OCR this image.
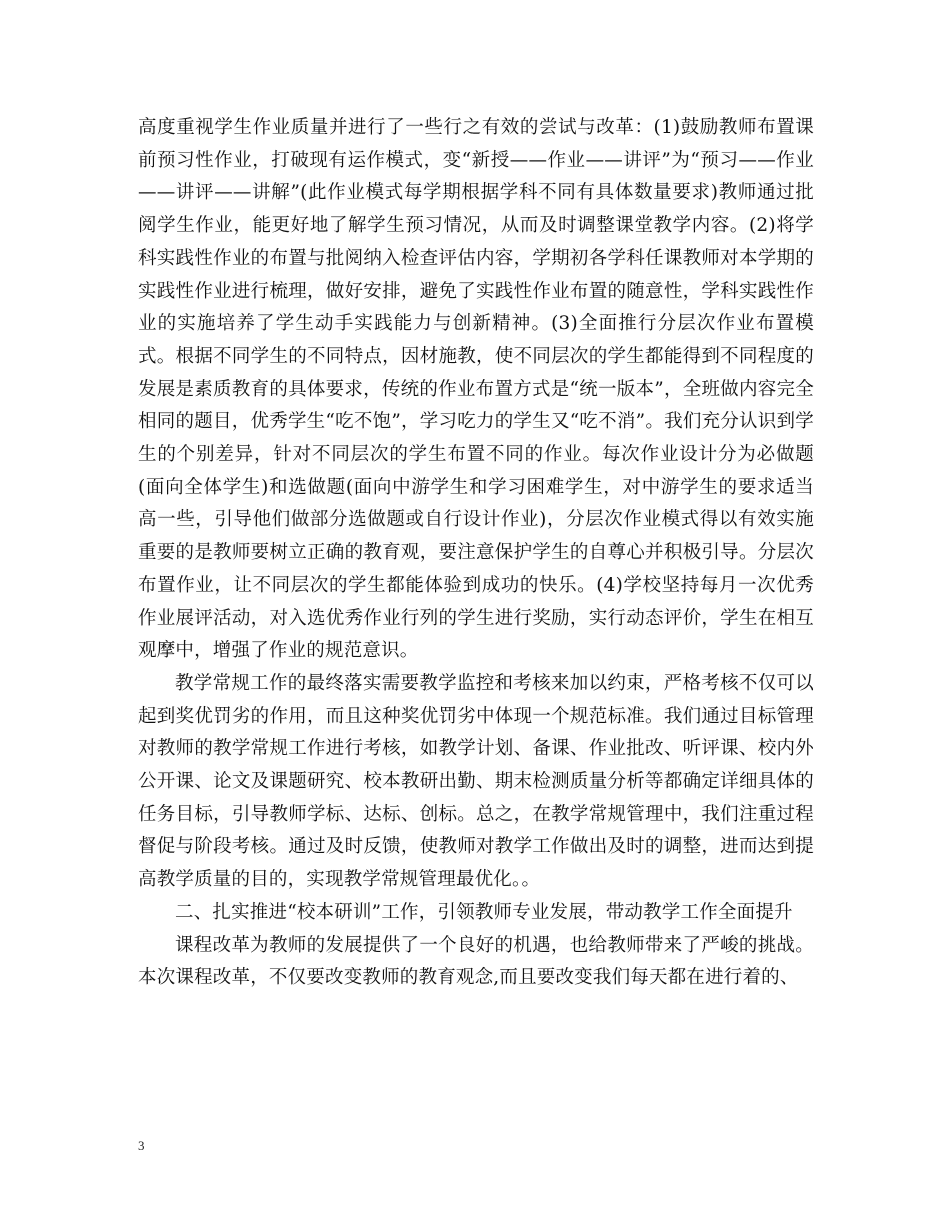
高度重视学生作业质量并进行了一些行之有效的尝试与改革：(1)鼓励教师布置课前预习性作业，打破现有运作模式，变“新授——作业——讲评”为“预习——作业——讲评——讲解”(此作业模式每学期根据学科不同有具体数量要求)教师通过批阅学生作业，能更好地了解学生预习情况，从而及时调整课堂教学内容。(2)将学科实践性作业的布置与批阅纳入检查评估内容，学期初各学科任课教师对本学期的实践性作业进行梳理，做好安排，避免了实践性作业布置的随意性，学科实践性作业的实施培养了学生动手实践能力与创新精神。(3)全面推行分层次作业布置模式。根据不同学生的不同特点，因材施教，使不同层次的学生都能得到不同程度的发展是素质教育的具体要求，传统的作业布置方式是“统一版本”，全班做内容完全相同的题目，优秀学生“吃不饱”，学习吃力的学生又“吃不消”。我们充分认识到学生的个别差异，针对不同层次的学生布置不同的作业。每次作业设计分为必做题(面向全体学生)和选做题(面向中游学生和学习困难学生，对中游学生的要求适当高一些，引导他们做部分选做题或自行设计作业)，分层次作业模式得以有效实施重要的是教师要树立正确的教育观，要注意保护学生的自尊心并积极引导。分层次布置作业，让不同层次的学生都能体验到成功的快乐。(4)学校坚持每月一次优秀作业展评活动，对入选优秀作业行列的学生进行奖励，实行动态评价，学生在相互观摩中，增强了作业的规范意识。

教学常规工作的最终落实需要教学监控和考核来加以约束，严格考核不仅可以起到奖优罚劣的作用，而且这种奖优罚劣中体现一个规范标准。我们通过目标管理对教师的教学常规工作进行考核，如教学计划、备课、作业批改、听评课、校内外公开课、论文及课题研究、校本教研出勤、期末检测质量分析等都确定详细具体的任务目标，引导教师学标、达标、创标。总之，在教学常规管理中，我们注重过程督促与阶段考核。通过及时反馈，使教师对教学工作做出及时的调整，进而达到提高教学质量的目的，实现教学常规管理最优化。。

二、扎实推进“校本研训”工作，引领教师专业发展，带动教学工作全面提升

课程改革为教师的发展提供了一个良好的机遇，也给教师带来了严峻的挑战。本次课程改革，不仅要改变教师的教育观念,而且要改变我们每天都在进行着的、

3
